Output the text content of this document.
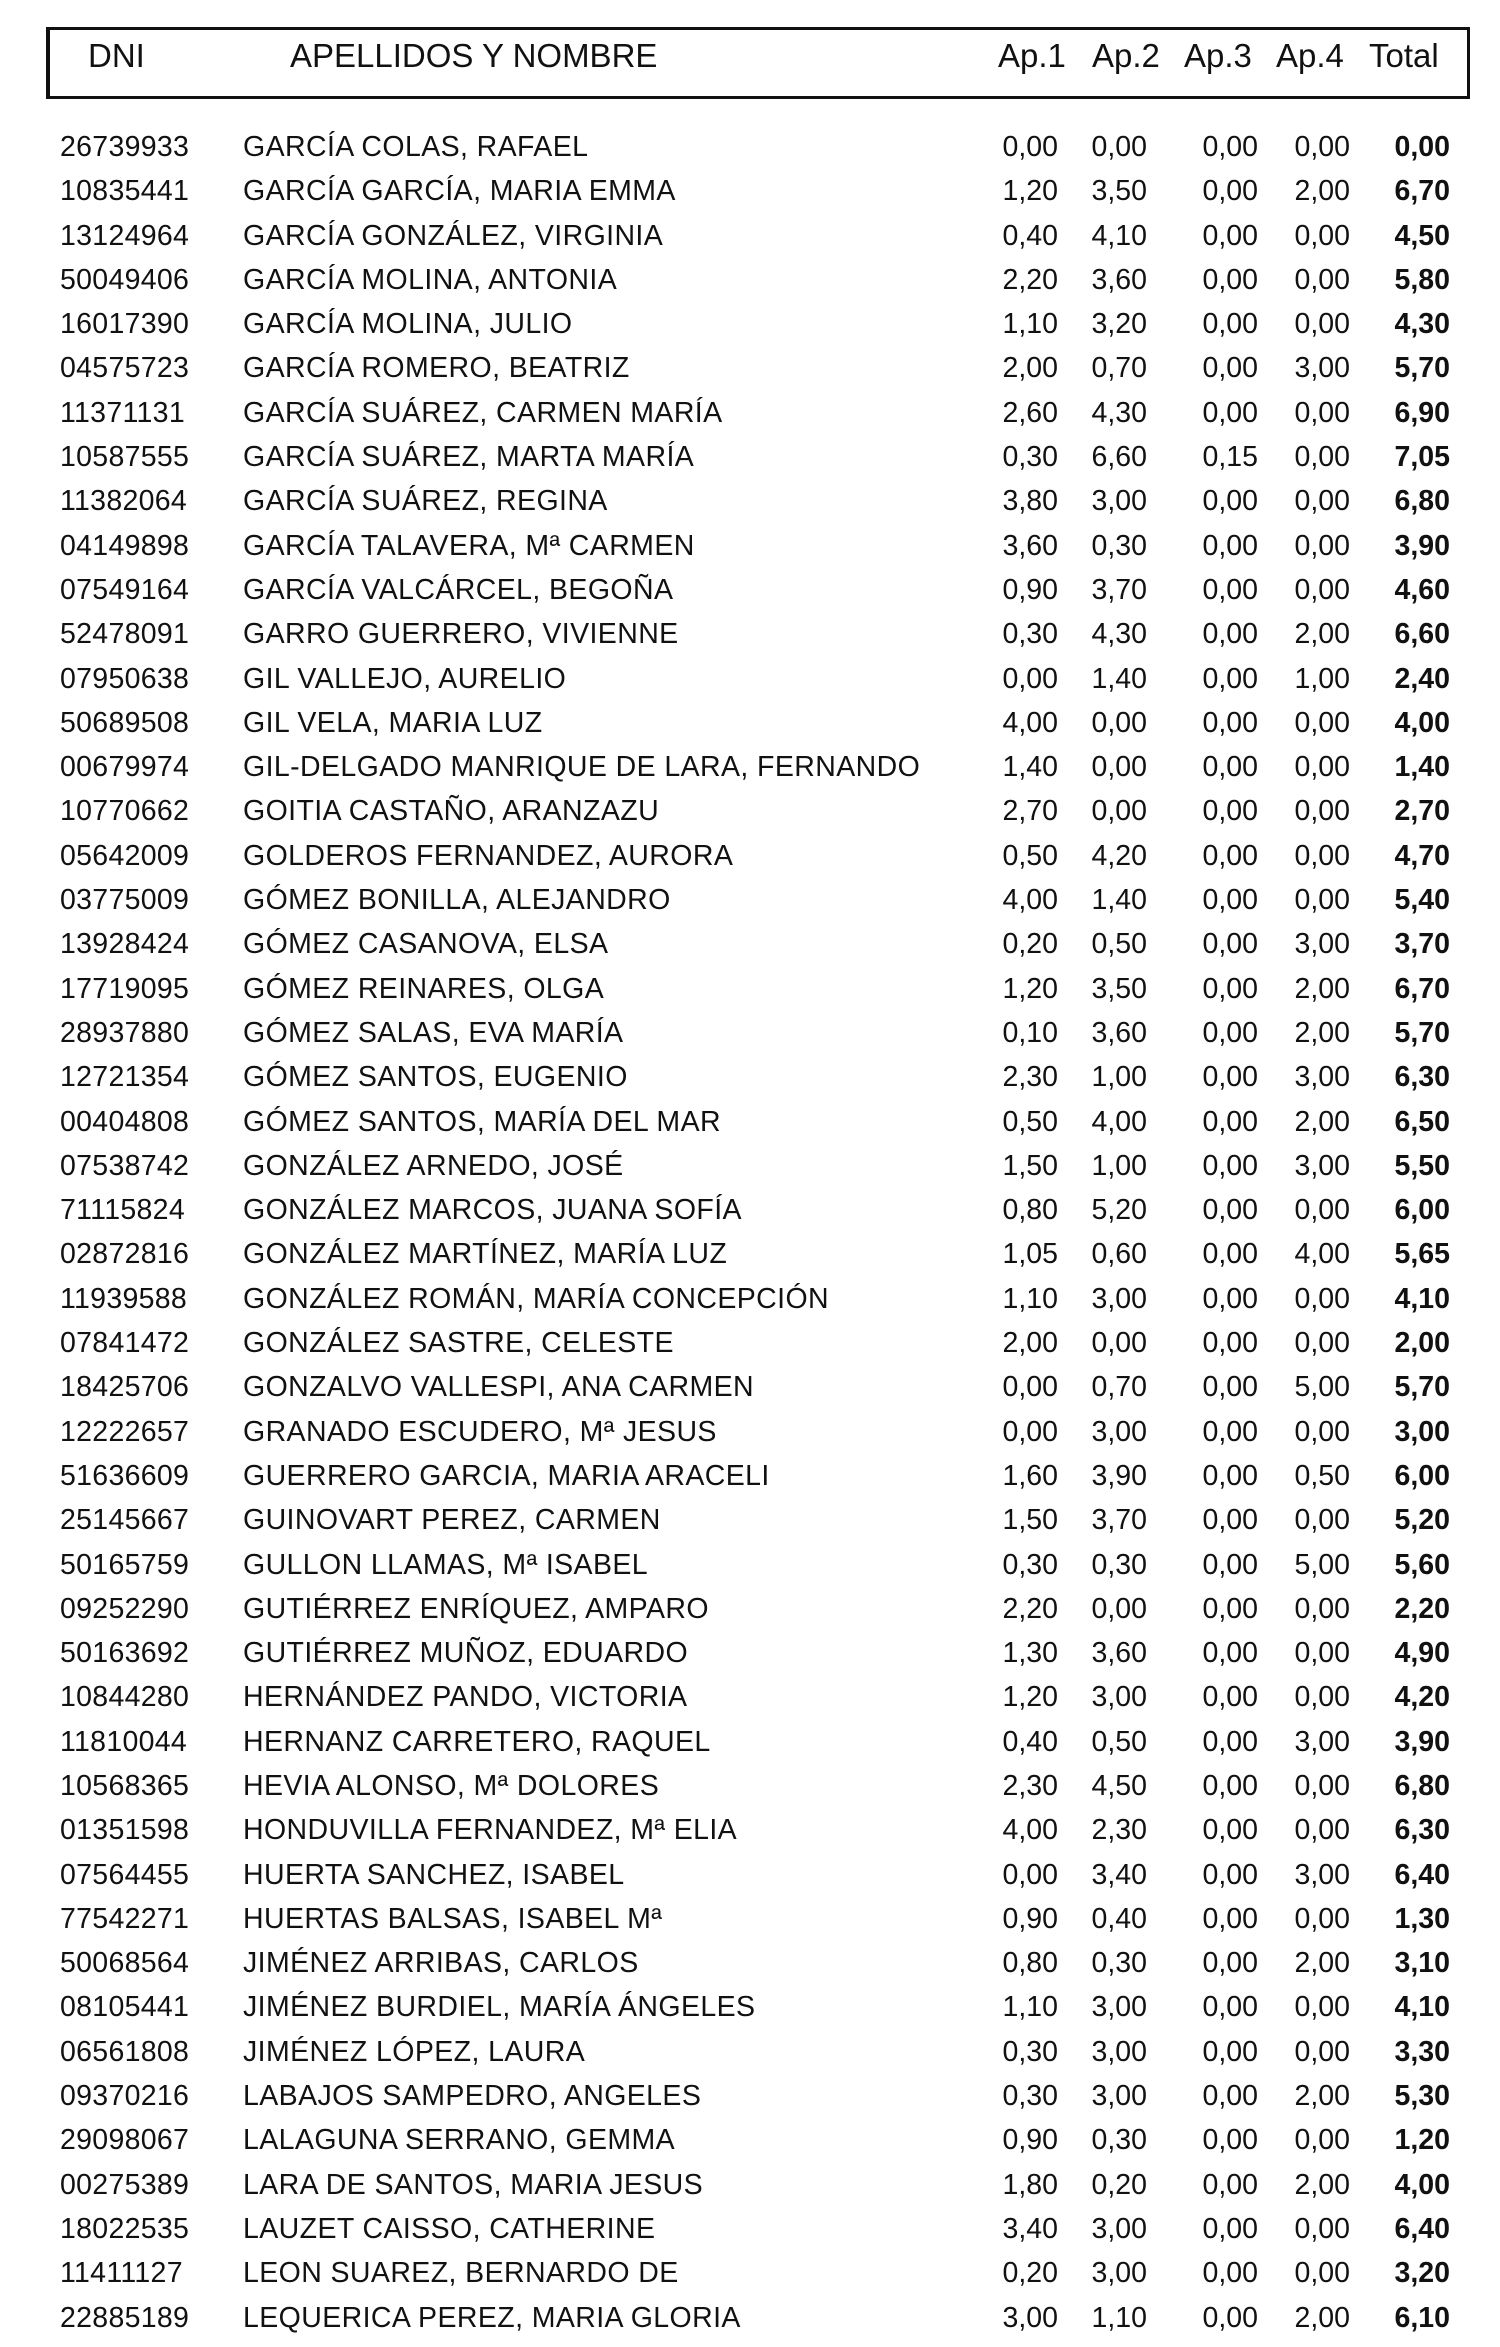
DNI	APELLIDOS Y NOMBRE	Ap.1 Ap.2 Ap.3 Ap.4 Total
26739933 GARCÍA COLAS, RAFAEL	0,00	0,00	0,00	0,00	0,00
10835441 GARCÍA GARCÍA, MARIA EMMA	1,20	3,50	0,00	2,00	6,70
13124964 GARCÍA GONZÁLEZ, VIRGINIA	0,40	4,10	0,00	0,00	4,50
50049406 GARCÍA MOLINA, ANTONIA	2,20	3,60	0,00	0,00	5,80
16017390 GARCÍA MOLINA, JULIO	1,10	3,20	0,00	0,00	4,30
04575723 GARCÍA ROMERO, BEATRIZ	2,00	0,70	0,00	3,00	5,70
11371131 GARCÍA SUÁREZ, CARMEN MARÍA	2,60	4,30	0,00	0,00	6,90
10587555 GARCÍA SUÁREZ, MARTA MARÍA	0,30	6,60	0,15	0,00	7,05
11382064 GARCÍA SUÁREZ, REGINA	3,80	3,00	0,00	0,00	6,80
04149898 GARCÍA TALAVERA, Mª CARMEN	3,60	0,30	0,00	0,00	3,90
07549164 GARCÍA VALCÁRCEL, BEGOÑA	0,90	3,70	0,00	0,00	4,60
52478091 GARRO GUERRERO, VIVIENNE	0,30	4,30	0,00	2,00	6,60
07950638 GIL VALLEJO, AURELIO	0,00	1,40	0,00	1,00	2,40
50689508 GIL VELA, MARIA LUZ	4,00	0,00	0,00	0,00	4,00
00679974 GIL-DELGADO MANRIQUE DE LARA, FERNANDO	1,40	0,00	0,00	0,00	1,40
10770662 GOITIA CASTAÑO, ARANZAZU	2,70	0,00	0,00	0,00	2,70
05642009 GOLDEROS FERNANDEZ, AURORA	0,50	4,20	0,00	0,00	4,70
03775009 GÓMEZ BONILLA, ALEJANDRO	4,00	1,40	0,00	0,00	5,40
13928424 GÓMEZ CASANOVA, ELSA	0,20	0,50	0,00	3,00	3,70
17719095 GÓMEZ REINARES, OLGA	1,20	3,50	0,00	2,00	6,70
28937880 GÓMEZ SALAS, EVA MARÍA	0,10	3,60	0,00	2,00	5,70
12721354 GÓMEZ SANTOS, EUGENIO	2,30	1,00	0,00	3,00	6,30
00404808 GÓMEZ SANTOS, MARÍA DEL MAR	0,50	4,00	0,00	2,00	6,50
07538742 GONZÁLEZ ARNEDO, JOSÉ	1,50	1,00	0,00	3,00	5,50
71115824 GONZÁLEZ MARCOS, JUANA SOFÍA	0,80	5,20	0,00	0,00	6,00
02872816 GONZÁLEZ MARTÍNEZ, MARÍA LUZ	1,05	0,60	0,00	4,00	5,65
11939588 GONZÁLEZ ROMÁN, MARÍA CONCEPCIÓN	1,10	3,00	0,00	0,00	4,10
07841472 GONZÁLEZ SASTRE, CELESTE	2,00	0,00	0,00	0,00	2,00
18425706 GONZALVO VALLESPI, ANA CARMEN	0,00	0,70	0,00	5,00	5,70
12222657 GRANADO ESCUDERO, Mª JESUS	0,00	3,00	0,00	0,00	3,00
51636609 GUERRERO GARCIA, MARIA ARACELI	1,60	3,90	0,00	0,50	6,00
25145667 GUINOVART PEREZ, CARMEN	1,50	3,70	0,00	0,00	5,20
50165759 GULLON LLAMAS, Mª ISABEL	0,30	0,30	0,00	5,00	5,60
09252290 GUTIÉRREZ ENRÍQUEZ, AMPARO	2,20	0,00	0,00	0,00	2,20
50163692 GUTIÉRREZ MUÑOZ, EDUARDO	1,30	3,60	0,00	0,00	4,90
10844280 HERNÁNDEZ PANDO, VICTORIA	1,20	3,00	0,00	0,00	4,20
11810044 HERNANZ CARRETERO, RAQUEL	0,40	0,50	0,00	3,00	3,90
10568365 HEVIA ALONSO, Mª DOLORES	2,30	4,50	0,00	0,00	6,80
01351598 HONDUVILLA FERNANDEZ, Mª ELIA	4,00	2,30	0,00	0,00	6,30
07564455 HUERTA SANCHEZ, ISABEL	0,00	3,40	0,00	3,00	6,40
77542271 HUERTAS BALSAS, ISABEL Mª	0,90	0,40	0,00	0,00	1,30
50068564 JIMÉNEZ ARRIBAS, CARLOS	0,80	0,30	0,00	2,00	3,10
08105441 JIMÉNEZ BURDIEL, MARÍA ÁNGELES	1,10	3,00	0,00	0,00	4,10
06561808 JIMÉNEZ LÓPEZ, LAURA	0,30	3,00	0,00	0,00	3,30
09370216 LABAJOS SAMPEDRO, ANGELES	0,30	3,00	0,00	2,00	5,30
29098067 LALAGUNA SERRANO, GEMMA	0,90	0,30	0,00	0,00	1,20
00275389 LARA DE SANTOS, MARIA JESUS	1,80	0,20	0,00	2,00	4,00
18022535 LAUZET CAISSO, CATHERINE	3,40	3,00	0,00	0,00	6,40
11411127 LEON SUAREZ, BERNARDO DE	0,20	3,00	0,00	0,00	3,20
22885189 LEQUERICA PEREZ, MARIA GLORIA	3,00	1,10	0,00	2,00	6,10
